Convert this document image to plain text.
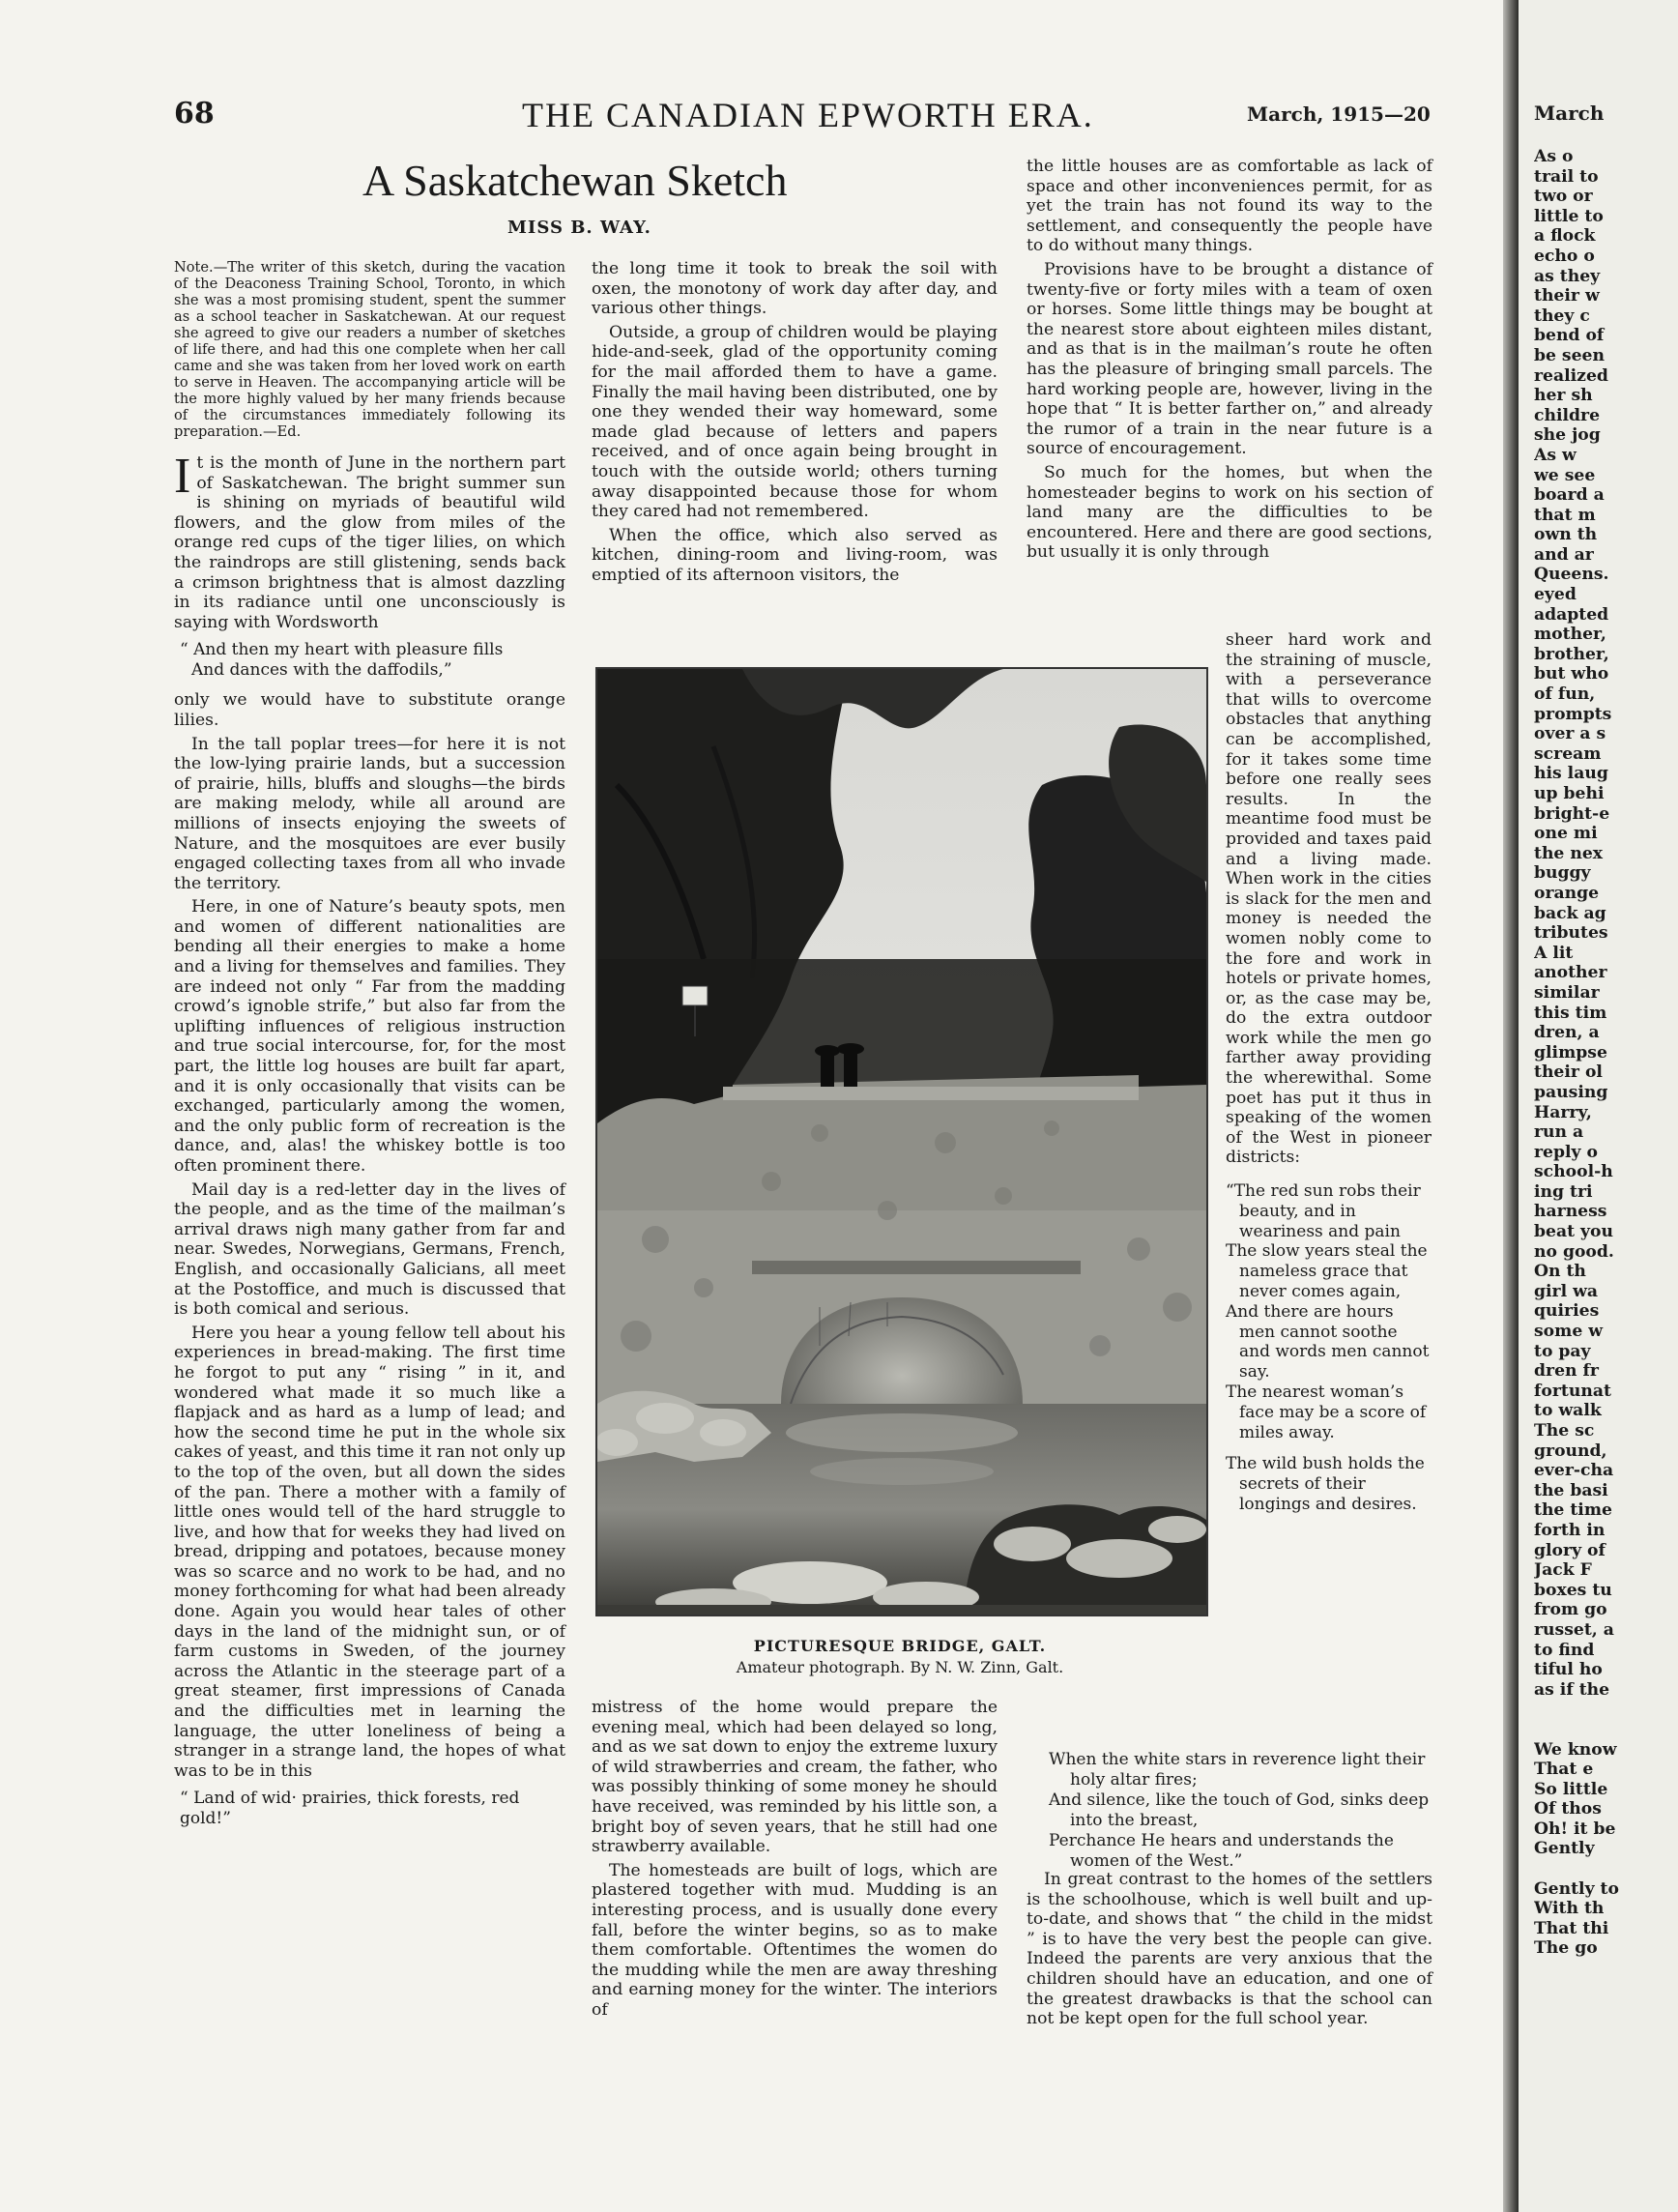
68	THE CANADIAN EPWORTH ERA.	March, 1915—20
A Saskatchewan Sketch
MISS B. WAY.

Note.—The writer of this sketch, during the vacation of the Deaconess Training School, Toronto, in which she was a most promising student, spent the summer as a school teacher in Saskatchewan. At our request she agreed to give our readers a number of sketches of life there, and had this one complete when her call came and she was taken from her loved work on earth to serve in Heaven. The accompanying article will be the more highly valued by her many friends because of the circumstances immediately following its preparation.—Ed.

It is the month of June in the northern part of Saskatchewan. The bright summer sun is shining on myriads of beautiful wild flowers, and the glow from miles of the orange red cups of the tiger lilies, on which the raindrops are still glistening, sends back a crimson brightness that is almost dazzling in its radiance until one unconsciously is saying with Wordsworth

“ And then my heart with pleasure fills
And dances with the daffodils,”

only we would have to substitute orange lilies.

In the tall poplar trees—for here it is not the low-lying prairie lands, but a succession of prairie, hills, bluffs and sloughs—the birds are making melody, while all around are millions of insects enjoying the sweets of Nature, and the mosquitoes are ever busily engaged collecting taxes from all who invade the territory.

Here, in one of Nature’s beauty spots, men and women of different nationalities are bending all their energies to make a home and a living for themselves and families. They are indeed not only “ Far from the madding crowd’s ignoble strife,” but also far from the uplifting influences of religious instruction and true social intercourse, for, for the most part, the little log houses are built far apart, and it is only occasionally that visits can be exchanged, particularly among the women, and the only public form of recreation is the dance, and, alas! the whiskey bottle is too often prominent there.

Mail day is a red-letter day in the lives of the people, and as the time of the mailman’s arrival draws nigh many gather from far and near. Swedes, Norwegians, Germans, French, English, and occasionally Galicians, all meet at the Postoffice, and much is discussed that is both comical and serious.

Here you hear a young fellow tell about his experiences in bread-making. The first time he forgot to put any “ rising ” in it, and wondered what made it so much like a flapjack and as hard as a lump of lead; and how the second time he put in the whole six cakes of yeast, and this time it ran not only up to the top of the oven, but all down the sides of the pan. There a mother with a family of little ones would tell of the hard struggle to live, and how that for weeks they had lived on bread, dripping and potatoes, because money was so scarce and no work to be had, and no money forthcoming for what had been already done. Again you would hear tales of other days in the land of the midnight sun, or of farm customs in Sweden, of the journey across the Atlantic in the steerage part of a great steamer, first impressions of Canada and the difficulties met in learning the language, the utter loneliness of being a stranger in a strange land, the hopes of what was to be in this

“ Land of wid· prairies, thick forests, red gold!”

the long time it took to break the soil with oxen, the monotony of work day after day, and various other things.

Outside, a group of children would be playing hide-and-seek, glad of the opportunity coming for the mail afforded them to have a game. Finally the mail having been distributed, one by one they wended their way homeward, some made glad because of letters and papers received, and of once again being brought in touch with the outside world; others turning away disappointed because those for whom they cared had not remembered.

When the office, which also served as kitchen, dining-room and living-room, was emptied of its afternoon visitors, the

PICTURESQUE BRIDGE, GALT.
Amateur photograph. By N. W. Zinn, Galt.

mistress of the home would prepare the evening meal, which had been delayed so long, and as we sat down to enjoy the extreme luxury of wild strawberries and cream, the father, who was possibly thinking of some money he should have received, was reminded by his little son, a bright boy of seven years, that he still had one strawberry available.

The homesteads are built of logs, which are plastered together with mud. Mudding is an interesting process, and is usually done every fall, before the winter begins, so as to make them comfortable. Oftentimes the women do the mudding while the men are away threshing and earning money for the winter. The interiors of

the little houses are as comfortable as lack of space and other inconveniences permit, for as yet the train has not found its way to the settlement, and consequently the people have to do without many things.

Provisions have to be brought a distance of twenty-five or forty miles with a team of oxen or horses. Some little things may be bought at the nearest store about eighteen miles distant, and as that is in the mailman’s route he often has the pleasure of bringing small parcels. The hard working people are, however, living in the hope that “ It is better farther on,” and already the rumor of a train in the near future is a source of encouragement.

So much for the homes, but when the homesteader begins to work on his section of land many are the difficulties to be encountered. Here and there are good sections, but usually it is only through

sheer hard work and the straining of muscle, with a perseverance that wills to overcome obstacles that anything can be accomplished, for it takes some time before one really sees results. In the meantime food must be provided and taxes paid and a living made. When work in the cities is slack for the men and money is needed the women nobly come to the fore and work in hotels or private homes, or, as the case may be, do the extra outdoor work while the men go farther away providing the wherewithal. Some poet has put it thus in speaking of the women of the West in pioneer districts:

“The red sun robs their beauty, and in weariness and pain
The slow years steal the nameless grace that never comes again,
And there are hours men cannot soothe and words men cannot say.
The nearest woman’s face may be a score of miles away.
The wild bush holds the secrets of their longings and desires.
When the white stars in reverence light their holy altar fires;
And silence, like the touch of God, sinks deep into the breast,
Perchance He hears and understands the women of the West.”

In great contrast to the homes of the settlers is the schoolhouse, which is well built and up-to-date, and shows that “ the child in the midst ” is to have the very best the people can give. Indeed the parents are very anxious that the children should have an education, and one of the greatest drawbacks is that the school can not be kept open for the full school year.

March
As o
trail to
two or
little to
a flock
echo o
as they
their w
they c
bend of
be seen
realized
her sh
childre
she jog
As w
we see
board a
that m
own th
and ar
Queens.
eyed
adapted
mother,
brother,
but who
of fun,
prompts
over a s
scream
his laug
up behi
bright-e
one mi
the nex
buggy
orange
back ag
tributes
A lit
another
similar
this tim
dren, a
glimpse
their ol
pausing
Harry,
run a
reply o
school-h
ing tri
harness
beat you
no good.
On th
girl wa
quiries
some w
to pay
dren fr
fortunat
to walk
The sc
ground,
ever-cha
the basi
the time
forth in
glory of
Jack F
boxes tu
from go
russet, a
to find
tiful ho
as if the

We know
That e
So little
Of thos
Oh! it be
Gently

Gently to
With th
That thi
The go
